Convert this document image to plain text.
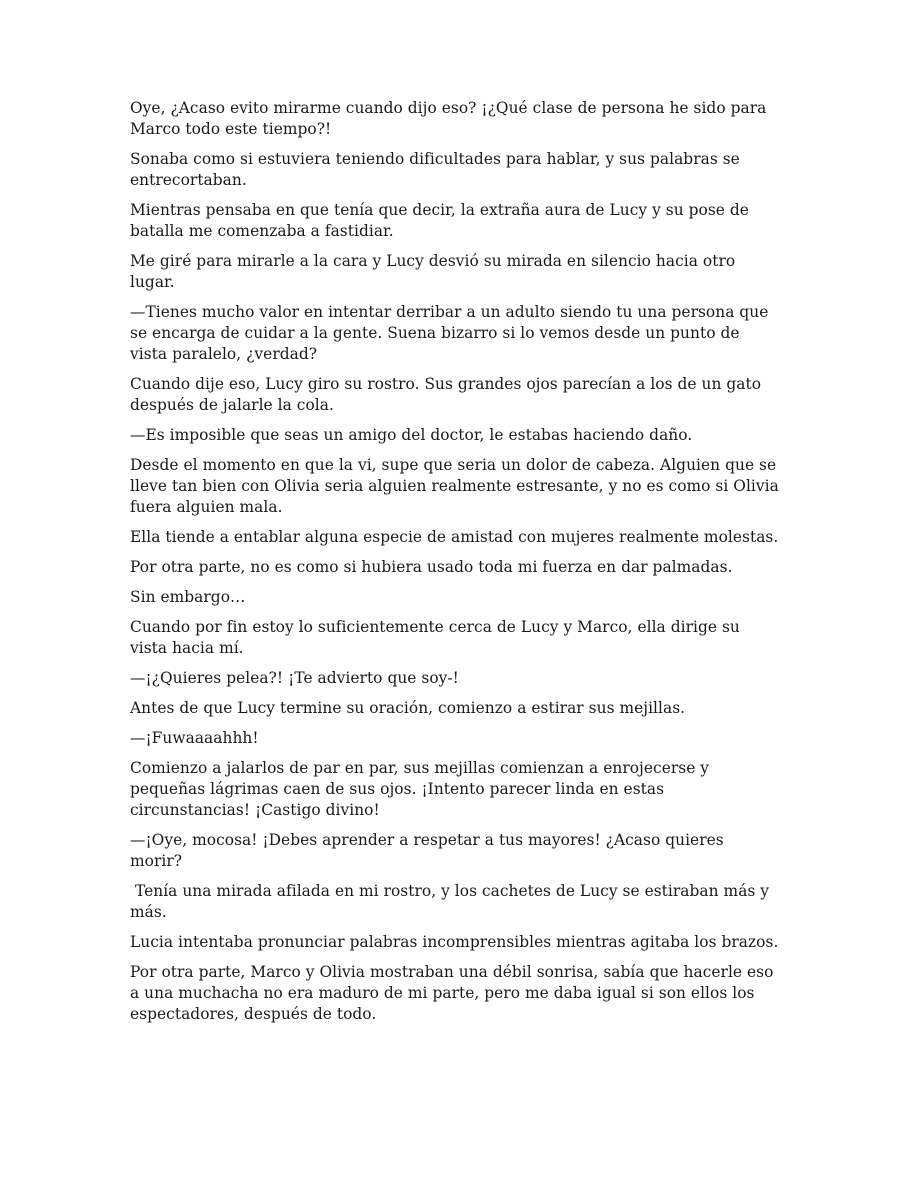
Oye, ¿Acaso evito mirarme cuando dijo eso? ¡¿Qué clase de persona he sido para Marco todo este tiempo?!

Sonaba como si estuviera teniendo dificultades para hablar, y sus palabras se entrecortaban.

Mientras pensaba en que tenía que decir, la extraña aura de Lucy y su pose de batalla me comenzaba a fastidiar.

Me giré para mirarle a la cara y Lucy desvió su mirada en silencio hacia otro lugar.

—Tienes mucho valor en intentar derribar a un adulto siendo tu una persona que se encarga de cuidar a la gente. Suena bizarro si lo vemos desde un punto de vista paralelo, ¿verdad?

Cuando dije eso, Lucy giro su rostro. Sus grandes ojos parecían a los de un gato después de jalarle la cola.

—Es imposible que seas un amigo del doctor, le estabas haciendo daño.

Desde el momento en que la vi, supe que seria un dolor de cabeza. Alguien que se lleve tan bien con Olivia seria alguien realmente estresante, y no es como si Olivia fuera alguien mala.

Ella tiende a entablar alguna especie de amistad con mujeres realmente molestas.

Por otra parte, no es como si hubiera usado toda mi fuerza en dar palmadas.

Sin embargo…

Cuando por fin estoy lo suficientemente cerca de Lucy y Marco, ella dirige su vista hacia mí.

—¡¿Quieres pelea?! ¡Te advierto que soy-!

Antes de que Lucy termine su oración, comienzo a estirar sus mejillas.

—¡Fuwaaaahhh!

Comienzo a jalarlos de par en par, sus mejillas comienzan a enrojecerse y pequeñas lágrimas caen de sus ojos. ¡Intento parecer linda en estas circunstancias! ¡Castigo divino!

—¡Oye, mocosa! ¡Debes aprender a respetar a tus mayores! ¿Acaso quieres morir?

Tenía una mirada afilada en mi rostro, y los cachetes de Lucy se estiraban más y más.

Lucia intentaba pronunciar palabras incomprensibles mientras agitaba los brazos.

Por otra parte, Marco y Olivia mostraban una débil sonrisa, sabía que hacerle eso a una muchacha no era maduro de mi parte, pero me daba igual si son ellos los espectadores, después de todo.
